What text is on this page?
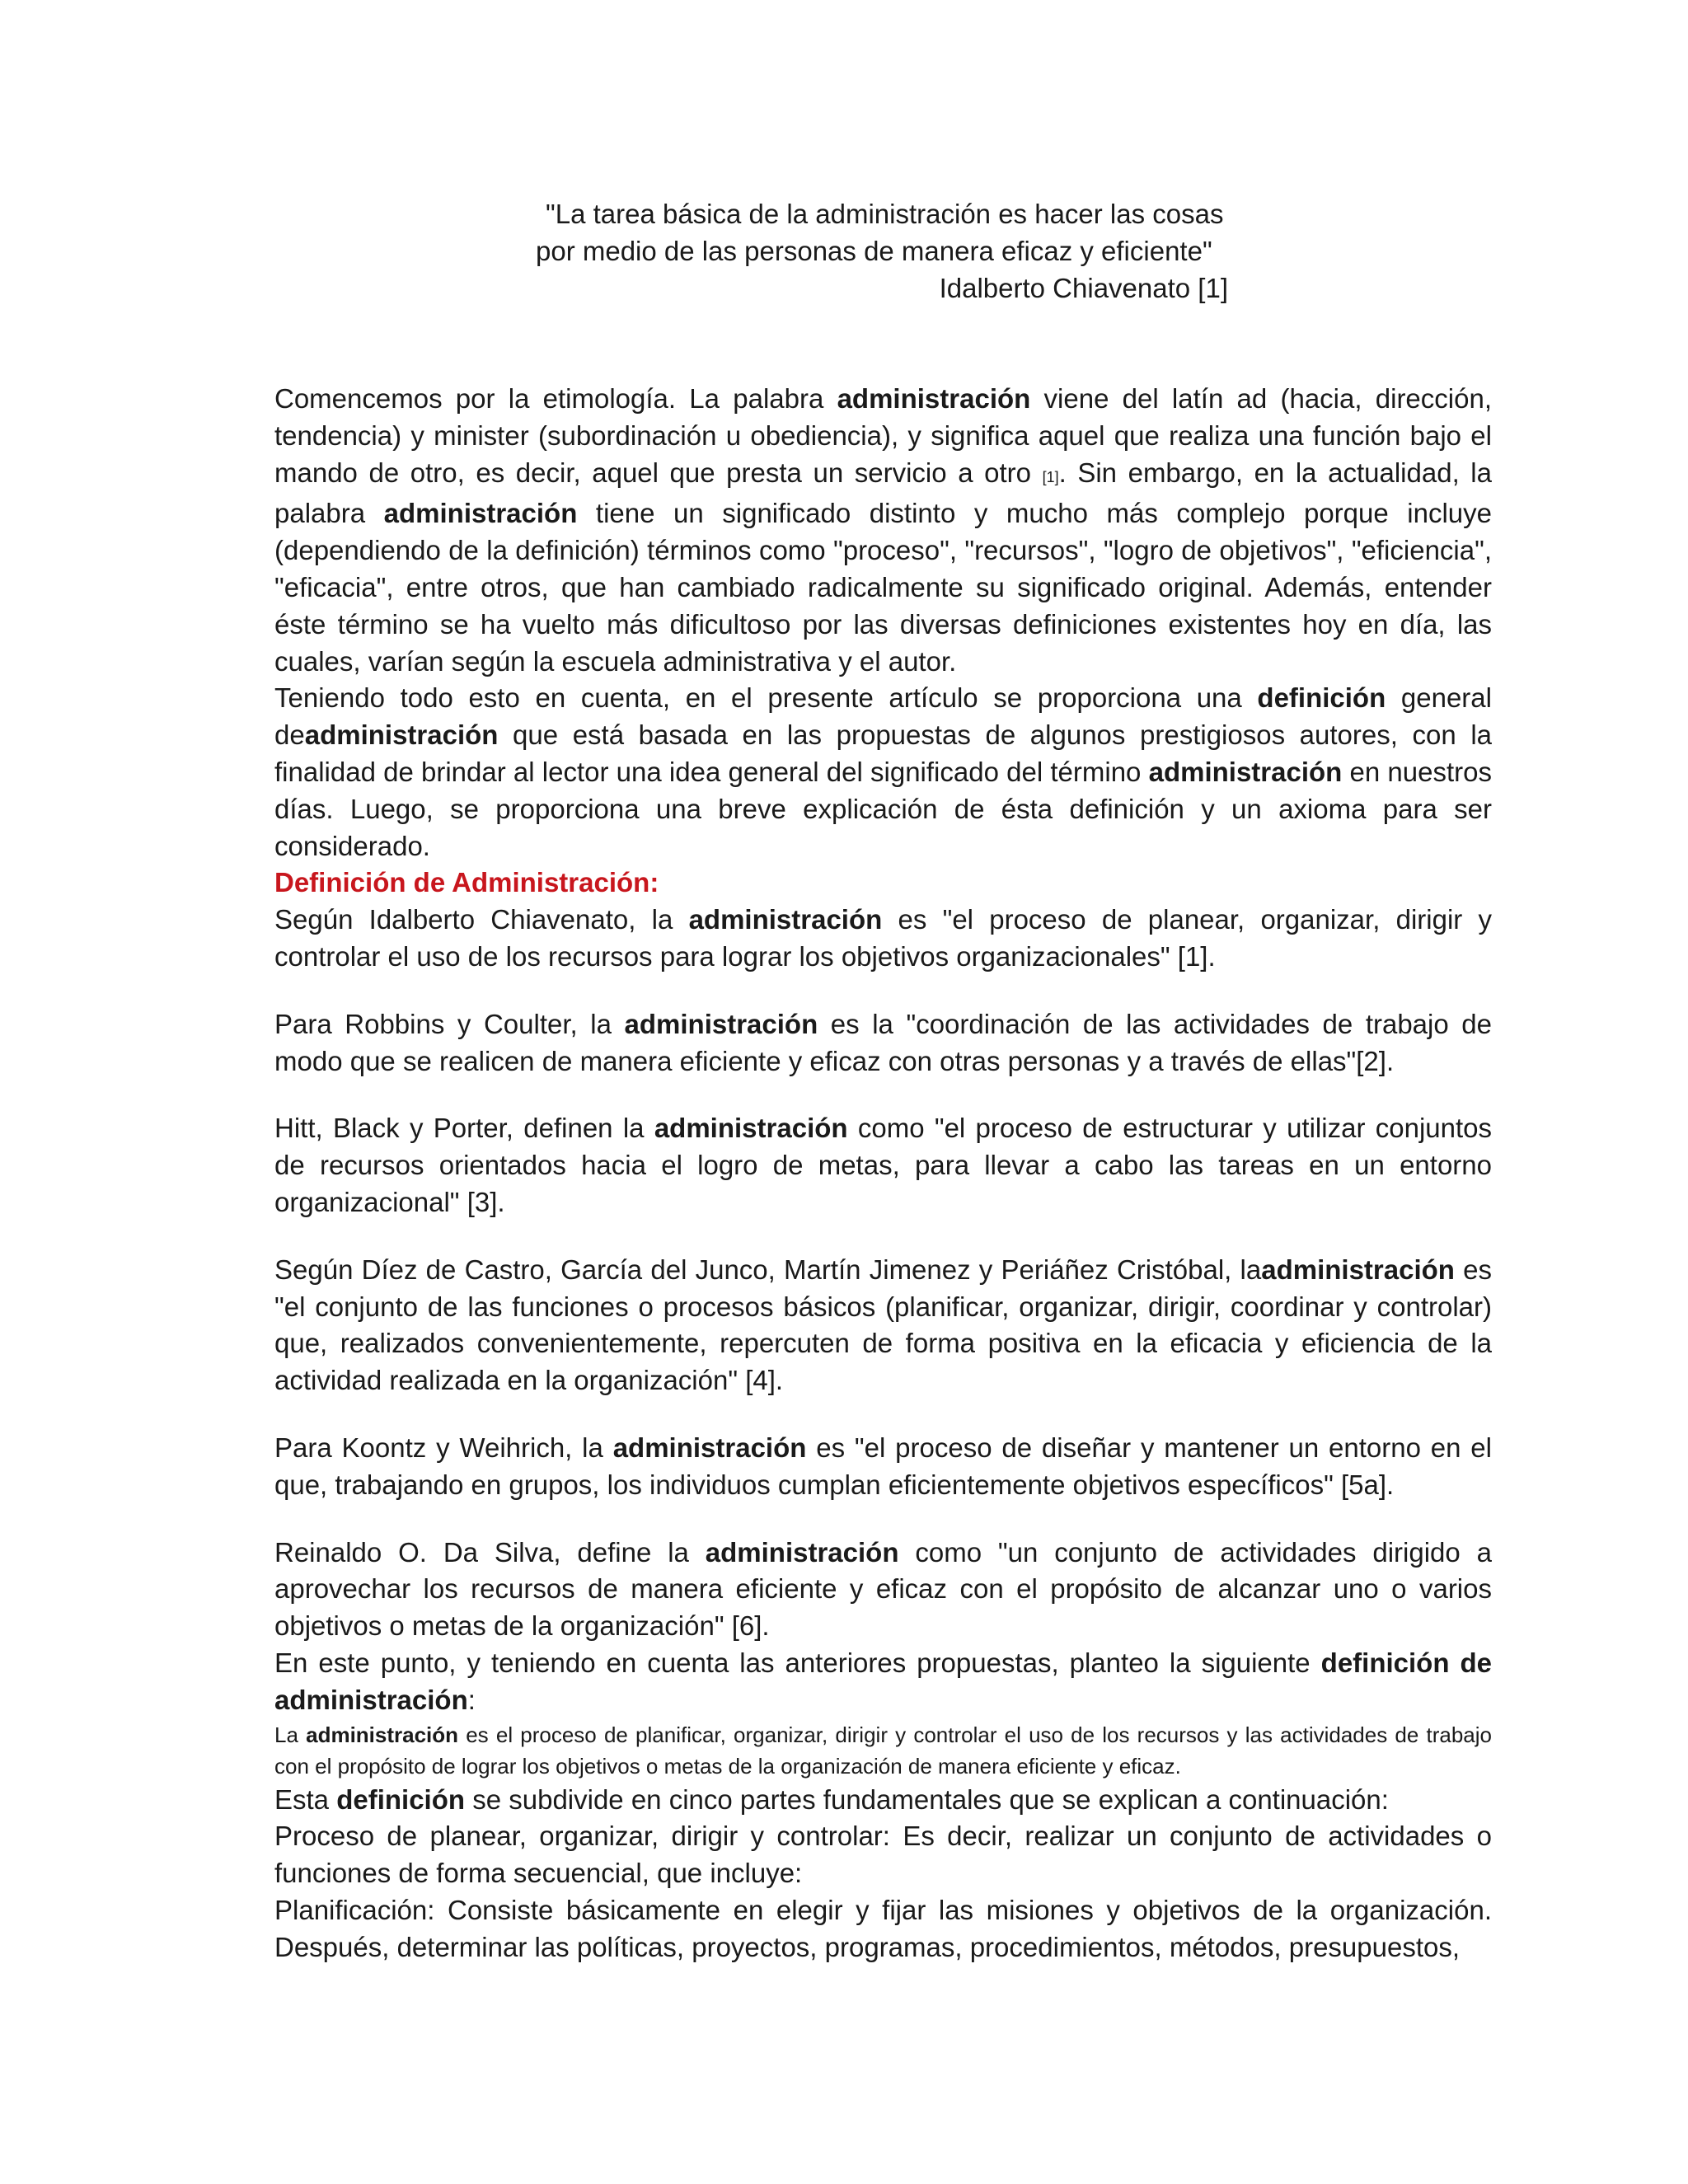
"La tarea básica de la administración es hacer las cosas
por medio de las personas de manera eficaz y eficiente"
Idalberto Chiavenato [1]

Comencemos por la etimología. La palabra administración viene del latín ad (hacia, dirección, tendencia) y minister (subordinación u obediencia), y significa aquel que realiza una función bajo el mando de otro, es decir, aquel que presta un servicio a otro [1]. Sin embargo, en la actualidad, la palabra administración tiene un significado distinto y mucho más complejo porque incluye (dependiendo de la definición) términos como "proceso", "recursos", "logro de objetivos", "eficiencia", "eficacia", entre otros, que han cambiado radicalmente su significado original. Además, entender éste término se ha vuelto más dificultoso por las diversas definiciones existentes hoy en día, las cuales, varían según la escuela administrativa y el autor.

Teniendo todo esto en cuenta, en el presente artículo se proporciona una definición general deadministración que está basada en las propuestas de algunos prestigiosos autores, con la finalidad de brindar al lector una idea general del significado del término administración en nuestros días. Luego, se proporciona una breve explicación de ésta definición y un axioma para ser considerado.

Definición de Administración:

Según Idalberto Chiavenato, la administración es "el proceso de planear, organizar, dirigir y controlar el uso de los recursos para lograr los objetivos organizacionales" [1].

Para Robbins y Coulter, la administración es la "coordinación de las actividades de trabajo de modo que se realicen de manera eficiente y eficaz con otras personas y a través de ellas"[2].

Hitt, Black y Porter, definen la administración como "el proceso de estructurar y utilizar conjuntos de recursos orientados hacia el logro de metas, para llevar a cabo las tareas en un entorno organizacional" [3].

Según Díez de Castro, García del Junco, Martín Jimenez y Periáñez Cristóbal, laadministración es "el conjunto de las funciones o procesos básicos (planificar, organizar, dirigir, coordinar y controlar) que, realizados convenientemente, repercuten de forma positiva en la eficacia y eficiencia de la actividad realizada en la organización" [4].

Para Koontz y Weihrich, la administración es "el proceso de diseñar y mantener un entorno en el que, trabajando en grupos, los individuos cumplan eficientemente objetivos específicos" [5a].

Reinaldo O. Da Silva, define la administración como "un conjunto de actividades dirigido a aprovechar los recursos de manera eficiente y eficaz con el propósito de alcanzar uno o varios objetivos o metas de la organización" [6].

En este punto, y teniendo en cuenta las anteriores propuestas, planteo la siguiente definición de administración:

La administración es el proceso de planificar, organizar, dirigir y controlar el uso de los recursos y las actividades de trabajo con el propósito de lograr los objetivos o metas de la organización de manera eficiente y eficaz.

Esta definición se subdivide en cinco partes fundamentales que se explican a continuación:

Proceso de planear, organizar, dirigir y controlar: Es decir, realizar un conjunto de actividades o funciones de forma secuencial, que incluye:

Planificación: Consiste básicamente en elegir y fijar las misiones y objetivos de la organización. Después, determinar las políticas, proyectos, programas, procedimientos, métodos, presupuestos,
